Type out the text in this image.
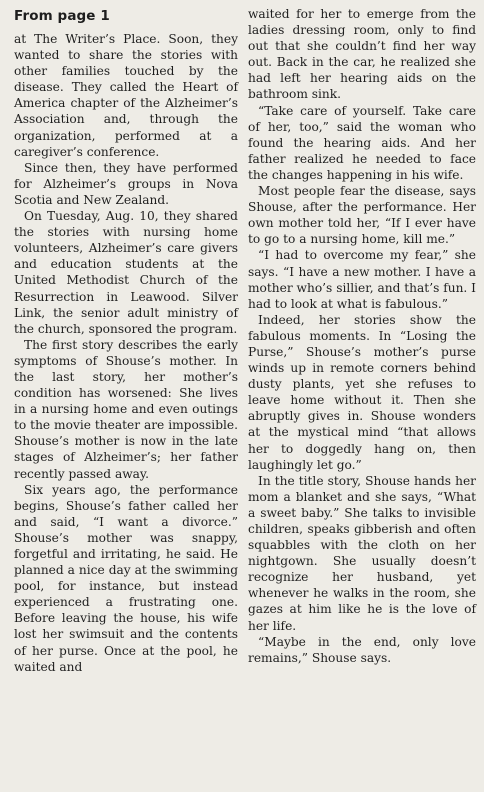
From page 1

at The Writer’s Place. Soon, they wanted to share the stories with other families touched by the disease. They called the Heart of America chapter of the Alzheimer’s Association and, through the organization, performed at a caregiver’s conference.

Since then, they have performed for Alzheimer’s groups in Nova Scotia and New Zealand.

On Tuesday, Aug. 10, they shared the stories with nursing home volunteers, Alzheimer’s care givers and education students at the United Methodist Church of the Resurrection in Leawood. Silver Link, the senior adult ministry of the church, sponsored the program.

The first story describes the early symptoms of Shouse’s mother. In the last story, her mother’s condition has worsened: She lives in a nursing home and even outings to the movie theater are impossible. Shouse’s mother is now in the late stages of Alzheimer’s; her father recently passed away.

Six years ago, the performance begins, Shouse’s father called her and said, “I want a divorce.” Shouse’s mother was snappy, forgetful and irritating, he said. He planned a nice day at the swimming pool, for instance, but instead experienced a frustrating one. Before leaving the house, his wife lost her swimsuit and the contents of her purse. Once at the pool, he waited and

waited for her to emerge from the ladies dressing room, only to find out that she couldn’t find her way out. Back in the car, he realized she had left her hearing aids on the bathroom sink.

“Take care of yourself. Take care of her, too,” said the woman who found the hearing aids. And her father realized he needed to face the changes happening in his wife.

Most people fear the disease, says Shouse, after the performance. Her own mother told her, “If I ever have to go to a nursing home, kill me.”

“I had to overcome my fear,” she says. “I have a new mother. I have a mother who’s sillier, and that’s fun. I had to look at what is fabulous.”

Indeed, her stories show the fabulous moments. In “Losing the Purse,” Shouse’s mother’s purse winds up in remote corners behind dusty plants, yet she refuses to leave home without it. Then she abruptly gives in. Shouse wonders at the mystical mind “that allows her to doggedly hang on, then laughingly let go.”

In the title story, Shouse hands her mom a blanket and she says, “What a sweet baby.” She talks to invisible children, speaks gibberish and often squabbles with the cloth on her nightgown. She usually doesn’t recognize her husband, yet whenever he walks in the room, she gazes at him like he is the love of her life.

“Maybe in the end, only love remains,” Shouse says.
